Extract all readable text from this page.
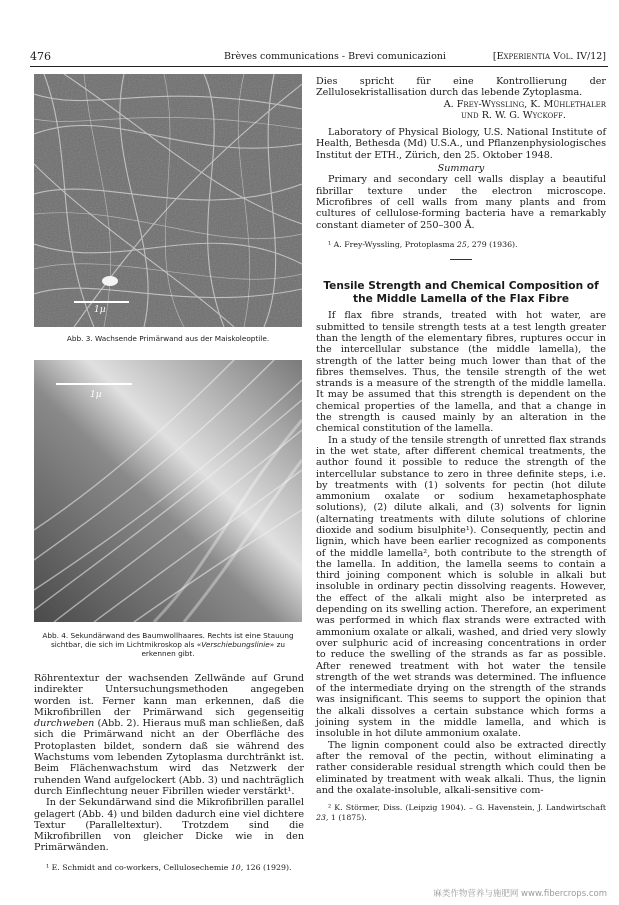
476	Brèves communications - Brevi comunicazioni	[Experientia Vol. IV/12]
1µ
Abb. 3. Wachsende Primärwand aus der Maiskoleoptile.
1µ
Abb. 4. Sekundärwand des Baumwollhaares. Rechts ist eine Stauung sichtbar, die sich im Lichtmikroskop als «Verschiebungslinie» zu erkennen gibt.

Röhrentextur der wachsenden Zellwände auf Grund indirekter Untersuchungsmethoden angegeben worden ist. Ferner kann man erkennen, daß die Mikrofibrillen der Primärwand sich gegenseitig durchweben (Abb. 2). Hieraus muß man schließen, daß sich die Primärwand nicht an der Oberfläche des Protoplasten bildet, sondern daß sie während des Wachstums vom lebenden Zytoplasma durchtränkt ist. Beim Flächenwachstum wird das Netzwerk der ruhenden Wand aufgelockert (Abb. 3) und nachträglich durch Einflechtung neuer Fibrillen wieder verstärkt¹.

In der Sekundärwand sind die Mikrofibrillen parallel gelagert (Abb. 4) und bilden dadurch eine viel dichtere Textur (Paralleltextur). Trotzdem sind die Mikrofibrillen von gleicher Dicke wie in den Primärwänden.

¹ E. Schmidt and co-workers, Cellulosechemie 10, 126 (1929).

Dies spricht für eine Kontrollierung der Zellulosekristallisation durch das lebende Zytoplasma.

A. Frey-Wyssling, K. Mühlethaler

und R. W. G. Wyckoff.

Laboratory of Physical Biology, U.S. National Institute of Health, Bethesda (Md) U.S.A., und Pflanzenphysiologisches Institut der ETH., Zürich, den 25. Oktober 1948.

Summary

Primary and secondary cell walls display a beautiful fibrillar texture under the electron microscope. Microfibres of cell walls from many plants and from cultures of cellulose-forming bacteria have a remarkably constant diameter of 250–300 Å.

¹ A. Frey-Wyssling, Protoplasma 25, 279 (1936).

Tensile Strength and Chemical Composition of the Middle Lamella of the Flax Fibre

If flax fibre strands, treated with hot water, are submitted to tensile strength tests at a test length greater than the length of the elementary fibres, ruptures occur in the intercellular substance (the middle lamella), the strength of the latter being much lower than that of the fibres themselves. Thus, the tensile strength of the wet strands is a measure of the strength of the middle lamella. It may be assumed that this strength is dependent on the chemical properties of the lamella, and that a change in the strength is caused mainly by an alteration in the chemical constitution of the lamella.

In a study of the tensile strength of unretted flax strands in the wet state, after different chemical treatments, the author found it possible to reduce the strength of the intercellular substance to zero in three definite steps, i.e. by treatments with (1) solvents for pectin (hot dilute ammonium oxalate or sodium hexametaphosphate solutions), (2) dilute alkali, and (3) solvents for lignin (alternating treatments with dilute solutions of chlorine dioxide and sodium bisulphite¹). Consequently, pectin and lignin, which have been earlier recognized as components of the middle lamella², both contribute to the strength of the lamella. In addition, the lamella seems to contain a third joining component which is soluble in alkali but insoluble in ordinary pectin dissolving reagents. However, the effect of the alkali might also be interpreted as depending on its swelling action. Therefore, an experiment was performed in which flax strands were extracted with ammonium oxalate or alkali, washed, and dried very slowly over sulphuric acid of increasing concentrations in order to reduce the swelling of the strands as far as possible. After renewed treatment with hot water the tensile strength of the wet strands was determined. The influence of the intermediate drying on the strength of the strands was insignificant. This seems to support the opinion that the alkali dissolves a certain substance which forms a joining system in the middle lamella, and which is insoluble in hot dilute ammonium oxalate.

The lignin component could also be extracted directly after the removal of the pectin, without eliminating a rather considerable residual strength which could then be eliminated by treatment with weak alkali. Thus, the lignin and the oxalate-insoluble, alkali-sensitive com-

² K. Störmer, Diss. (Leipzig 1904). – G. Havenstein, J. Landwirtschaft 23, 1 (1875).

麻类作物营养与施肥网 www.fibercrops.com
